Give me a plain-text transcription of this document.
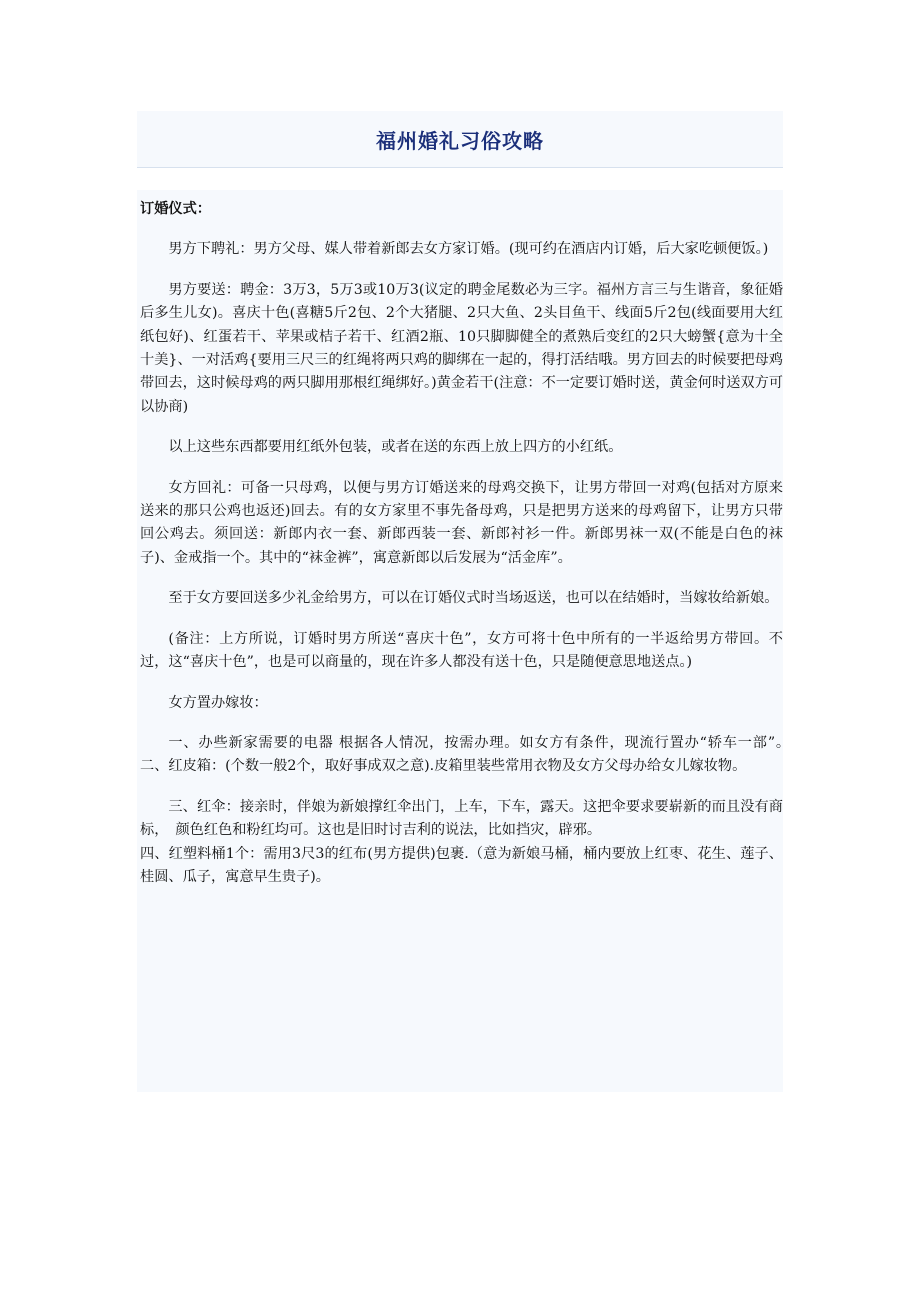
福州婚礼习俗攻略

订婚仪式：

男方下聘礼：男方父母、媒人带着新郎去女方家订婚。(现可约在酒店内订婚，后大家吃顿便饭。)

男方要送：聘金：3万3，5万3或10万3(议定的聘金尾数必为三字。福州方言三与生谐音，象征婚后多生儿女)。喜庆十色(喜糖5斤2包、2个大猪腿、2只大鱼、2头目鱼干、线面5斤2包(线面要用大红纸包好)、红蛋若干、苹果或桔子若干、红酒2瓶、10只脚脚健全的煮熟后变红的2只大螃蟹{意为十全十美}、一对活鸡{要用三尺三的红绳将两只鸡的脚绑在一起的，得打活结哦。男方回去的时候要把母鸡带回去，这时候母鸡的两只脚用那根红绳绑好。)黄金若干(注意：不一定要订婚时送，黄金何时送双方可以协商)

以上这些东西都要用红纸外包装，或者在送的东西上放上四方的小红纸。

女方回礼：可备一只母鸡，以便与男方订婚送来的母鸡交换下，让男方带回一对鸡(包括对方原来送来的那只公鸡也返还)回去。有的女方家里不事先备母鸡，只是把男方送来的母鸡留下，让男方只带回公鸡去。须回送：新郎内衣一套、新郎西装一套、新郎衬衫一件。新郎男袜一双(不能是白色的袜子)、金戒指一个。其中的“袜金裤”，寓意新郎以后发展为“活金库”。

至于女方要回送多少礼金给男方，可以在订婚仪式时当场返送，也可以在结婚时，当嫁妆给新娘。

(备注：上方所说，订婚时男方所送“喜庆十色”，女方可将十色中所有的一半返给男方带回。不过，这“喜庆十色”，也是可以商量的，现在许多人都没有送十色，只是随便意思地送点。)

女方置办嫁妆：

一、办些新家需要的电器 根据各人情况，按需办理。如女方有条件，现流行置办“轿车一部”。　　　 二、红皮箱：(个数一般2个，取好事成双之意).皮箱里装些常用衣物及女方父母办给女儿嫁妆物。

三、红伞：接亲时，伴娘为新娘撑红伞出门，上车，下车，露天。这把伞要求要崭新的而且没有商标，　颜色红色和粉红均可。这也是旧时讨吉利的说法，比如挡灾，辟邪。

四、红塑料桶1个：需用3尺3的红布(男方提供)包裹.（意为新娘马桶，桶内要放上红枣、花生、莲子、桂圆、瓜子，寓意早生贵子)。
